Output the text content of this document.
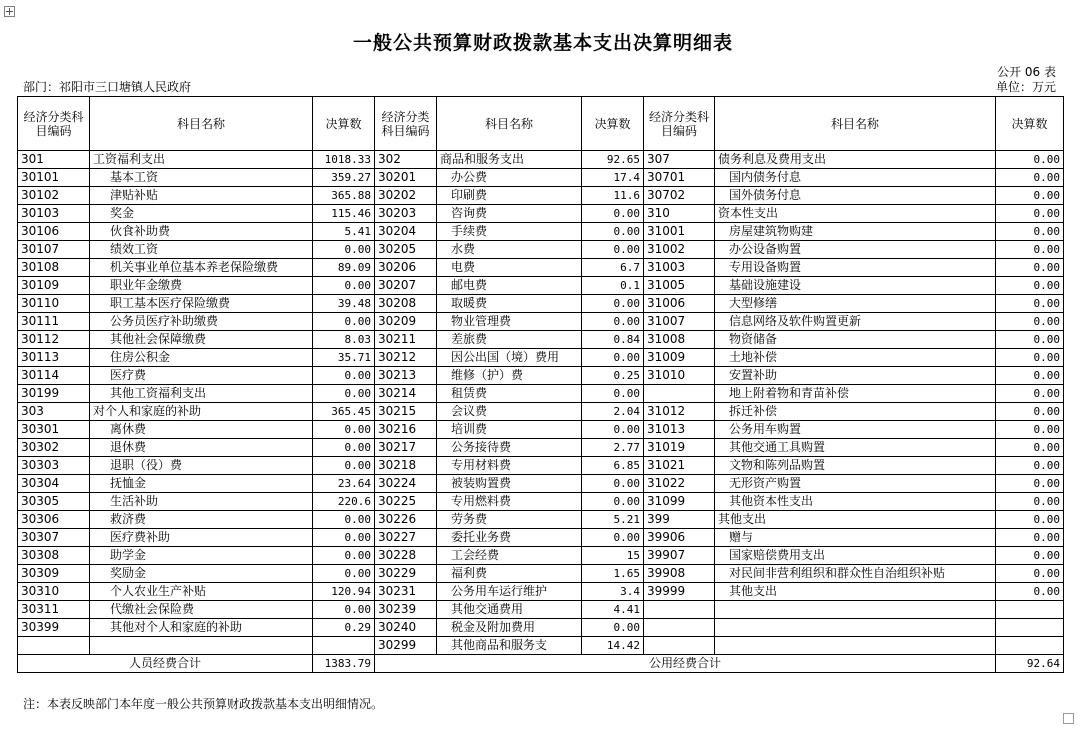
一般公共预算财政拨款基本支出决算明细表
公开 06 表
部门：祁阳市三口塘镇人民政府	单位：万元
经济分类科目编码	科目名称	决算数	经济分类科目编码	科目名称	决算数	经济分类科目编码	科目名称	决算数
301	工资福利支出	1018.33	302	商品和服务支出	92.65	307	债务利息及费用支出	0.00
30101	基本工资	359.27	30201	办公费	17.4	30701	国内债务付息	0.00
30102	津贴补贴	365.88	30202	印刷费	11.6	30702	国外债务付息	0.00
30103	奖金	115.46	30203	咨询费	0.00	310	资本性支出	0.00
30106	伙食补助费	5.41	30204	手续费	0.00	31001	房屋建筑物购建	0.00
30107	绩效工资	0.00	30205	水费	0.00	31002	办公设备购置	0.00
30108	机关事业单位基本养老保险缴费	89.09	30206	电费	6.7	31003	专用设备购置	0.00
30109	职业年金缴费	0.00	30207	邮电费	0.1	31005	基础设施建设	0.00
30110	职工基本医疗保险缴费	39.48	30208	取暖费	0.00	31006	大型修缮	0.00
30111	公务员医疗补助缴费	0.00	30209	物业管理费	0.00	31007	信息网络及软件购置更新	0.00
30112	其他社会保障缴费	8.03	30211	差旅费	0.84	31008	物资储备	0.00
30113	住房公积金	35.71	30212	因公出国（境）费用	0.00	31009	土地补偿	0.00
30114	医疗费	0.00	30213	维修（护）费	0.25	31010	安置补助	0.00
30199	其他工资福利支出	0.00	30214	租赁费	0.00		地上附着物和青苗补偿	0.00
303	对个人和家庭的补助	365.45	30215	会议费	2.04	31012	拆迁补偿	0.00
30301	离休费	0.00	30216	培训费	0.00	31013	公务用车购置	0.00
30302	退休费	0.00	30217	公务接待费	2.77	31019	其他交通工具购置	0.00
30303	退职（役）费	0.00	30218	专用材料费	6.85	31021	文物和陈列品购置	0.00
30304	抚恤金	23.64	30224	被装购置费	0.00	31022	无形资产购置	0.00
30305	生活补助	220.6	30225	专用燃料费	0.00	31099	其他资本性支出	0.00
30306	救济费	0.00	30226	劳务费	5.21	399	其他支出	0.00
30307	医疗费补助	0.00	30227	委托业务费	0.00	39906	赠与	0.00
30308	助学金	0.00	30228	工会经费	15	39907	国家赔偿费用支出	0.00
30309	奖励金	0.00	30229	福利费	1.65	39908	对民间非营利组织和群众性自治组织补贴	0.00
30310	个人农业生产补贴	120.94	30231	公务用车运行维护	3.4	39999	其他支出	0.00
30311	代缴社会保险费	0.00	30239	其他交通费用	4.41			
30399	其他对个人和家庭的补助	0.29	30240	税金及附加费用	0.00			
			30299	其他商品和服务支	14.42			
人员经费合计		1383.79	公用经费合计					92.64
注：本表反映部门本年度一般公共预算财政拨款基本支出明细情况。
